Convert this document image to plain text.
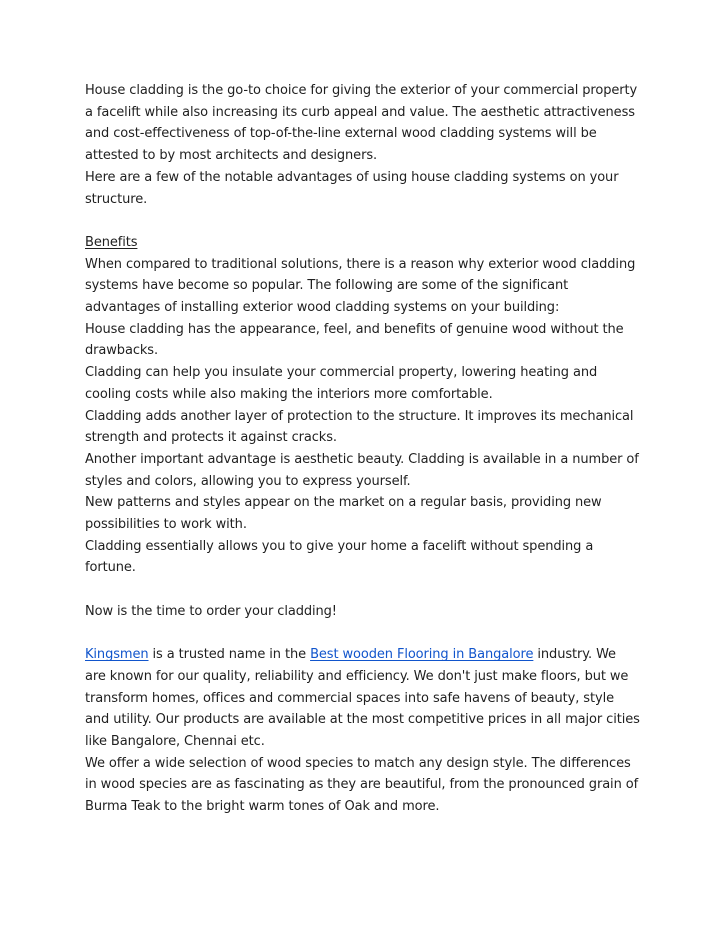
House cladding is the go-to choice for giving the exterior of your commercial property a facelift while also increasing its curb appeal and value. The aesthetic attractiveness and cost-effectiveness of top-of-the-line external wood cladding systems will be attested to by most architects and designers.

Here are a few of the notable advantages of using house cladding systems on your structure.

Benefits

When compared to traditional solutions, there is a reason why exterior wood cladding systems have become so popular. The following are some of the significant advantages of installing exterior wood cladding systems on your building:

House cladding has the appearance, feel, and benefits of genuine wood without the drawbacks.

Cladding can help you insulate your commercial property, lowering heating and cooling costs while also making the interiors more comfortable.

Cladding adds another layer of protection to the structure. It improves its mechanical strength and protects it against cracks.

Another important advantage is aesthetic beauty. Cladding is available in a number of styles and colors, allowing you to express yourself.

New patterns and styles appear on the market on a regular basis, providing new possibilities to work with.

Cladding essentially allows you to give your home a facelift without spending a fortune.

Now is the time to order your cladding!

Kingsmen is a trusted name in the Best wooden Flooring in Bangalore industry. We are known for our quality, reliability and efficiency. We don't just make floors, but we transform homes, offices and commercial spaces into safe havens of beauty, style and utility. Our products are available at the most competitive prices in all major cities like Bangalore, Chennai etc.

We offer a wide selection of wood species to match any design style. The differences in wood species are as fascinating as they are beautiful, from the pronounced grain of Burma Teak to the bright warm tones of Oak and more.
